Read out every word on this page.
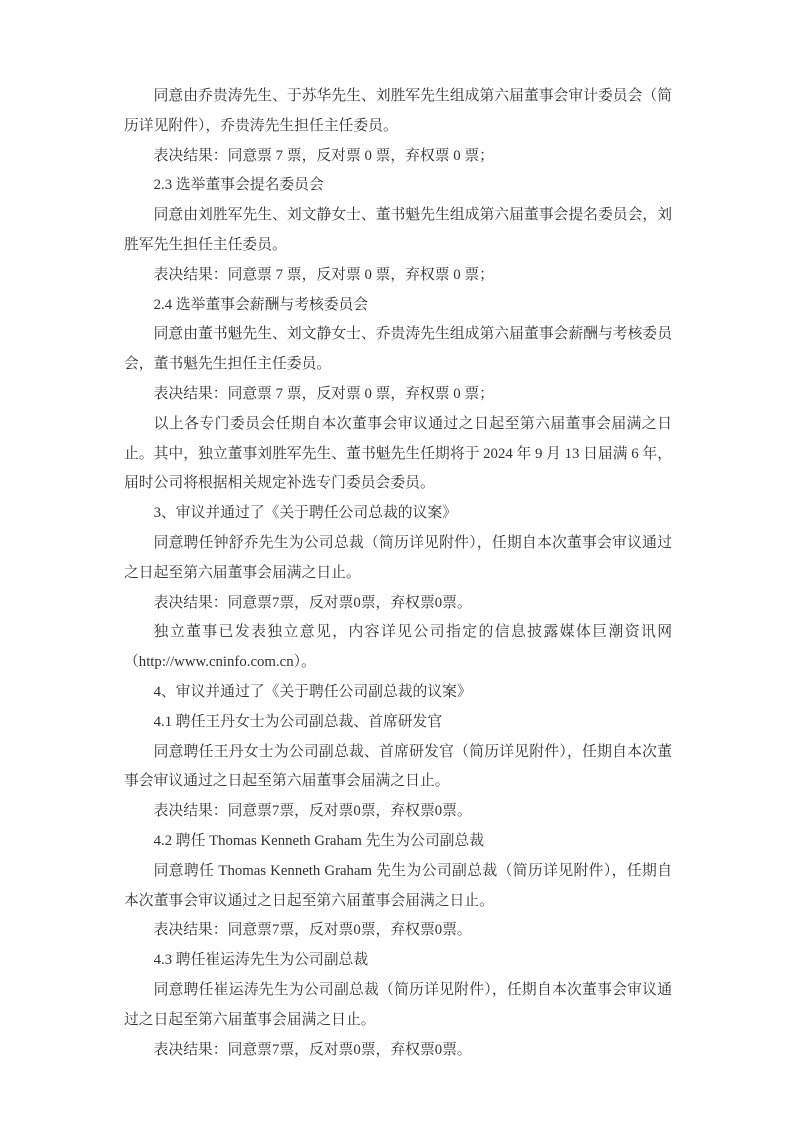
同意由乔贵涛先生、于苏华先生、刘胜军先生组成第六届董事会审计委员会（简历详见附件），乔贵涛先生担任主任委员。

表决结果：同意票 7 票，反对票 0 票，弃权票 0 票；

2.3 选举董事会提名委员会

同意由刘胜军先生、刘文静女士、董书魁先生组成第六届董事会提名委员会，刘胜军先生担任主任委员。

表决结果：同意票 7 票，反对票 0 票，弃权票 0 票；

2.4 选举董事会薪酬与考核委员会

同意由董书魁先生、刘文静女士、乔贵涛先生组成第六届董事会薪酬与考核委员会，董书魁先生担任主任委员。

表决结果：同意票 7 票，反对票 0 票，弃权票 0 票；

以上各专门委员会任期自本次董事会审议通过之日起至第六届董事会届满之日止。其中，独立董事刘胜军先生、董书魁先生任期将于 2024 年 9 月 13 日届满 6 年，届时公司将根据相关规定补选专门委员会委员。

3、审议并通过了《关于聘任公司总裁的议案》

同意聘任钟舒乔先生为公司总裁（简历详见附件），任期自本次董事会审议通过之日起至第六届董事会届满之日止。

表决结果：同意票7票，反对票0票，弃权票0票。

独立董事已发表独立意见，内容详见公司指定的信息披露媒体巨潮资讯网（http://www.cninfo.com.cn）。

4、审议并通过了《关于聘任公司副总裁的议案》

4.1 聘任王丹女士为公司副总裁、首席研发官

同意聘任王丹女士为公司副总裁、首席研发官（简历详见附件），任期自本次董事会审议通过之日起至第六届董事会届满之日止。

表决结果：同意票7票，反对票0票，弃权票0票。

4.2 聘任 Thomas Kenneth Graham 先生为公司副总裁

同意聘任 Thomas Kenneth Graham 先生为公司副总裁（简历详见附件），任期自本次董事会审议通过之日起至第六届董事会届满之日止。

表决结果：同意票7票，反对票0票，弃权票0票。

4.3 聘任崔运涛先生为公司副总裁

同意聘任崔运涛先生为公司副总裁（简历详见附件），任期自本次董事会审议通过之日起至第六届董事会届满之日止。

表决结果：同意票7票，反对票0票，弃权票0票。
